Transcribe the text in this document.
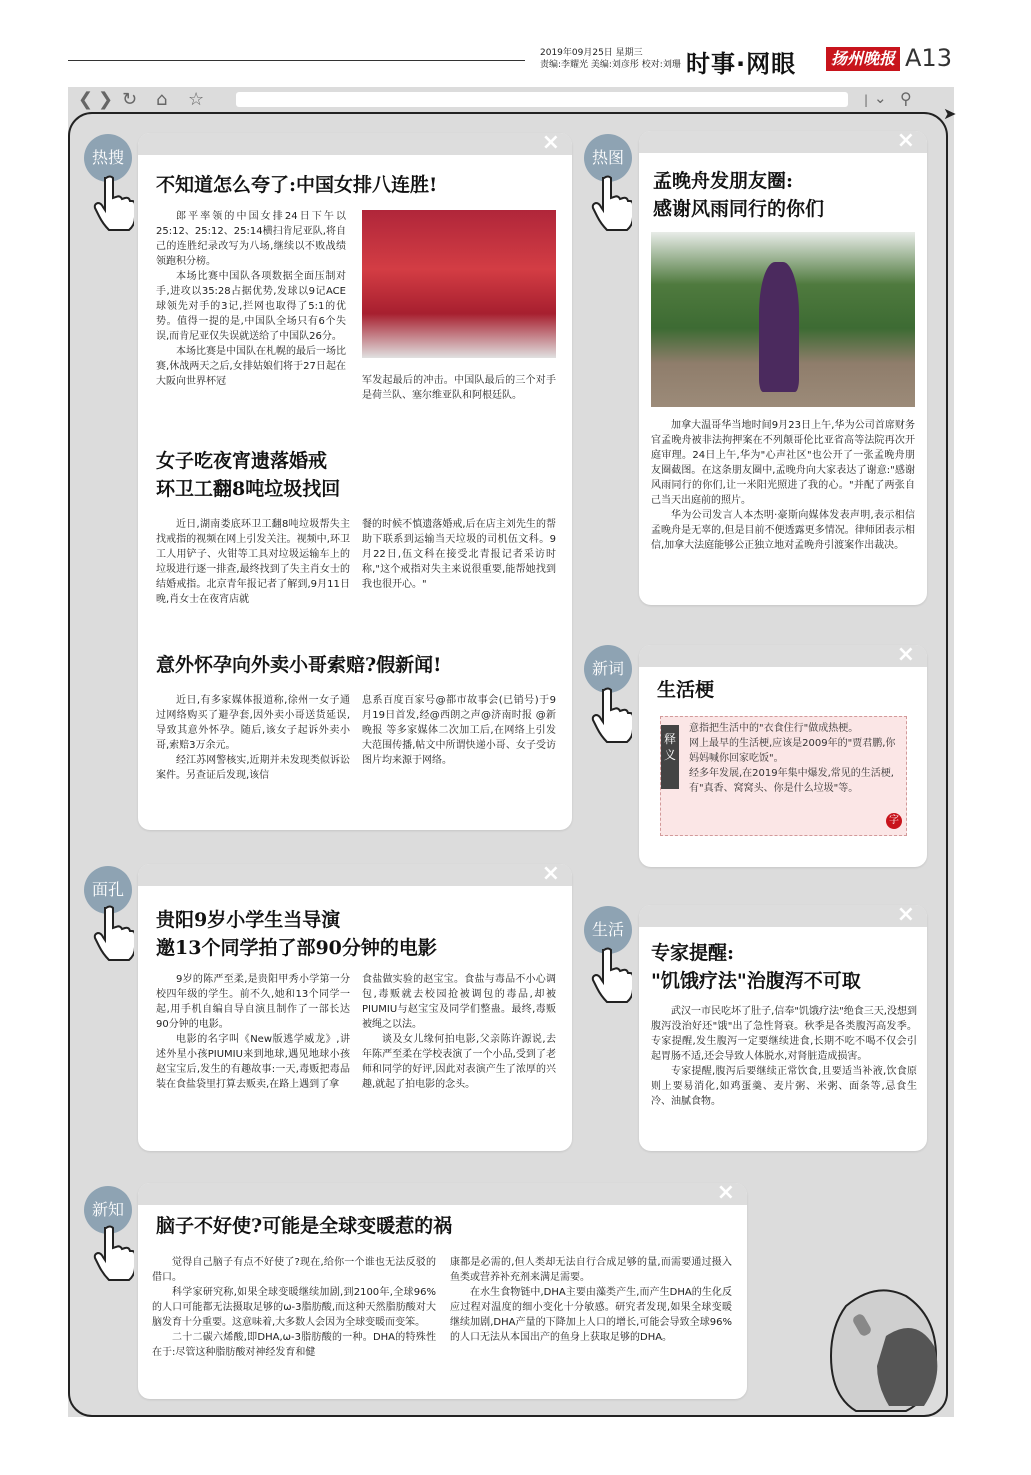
2019年09月25日 星期三
责编:李耀光 美编:刘彦彤 校对:刘珊 时事·网眼	扬州晚报 A13
❮ ❯ ↻ ⌂ ☆	| ⌄ ⚲
➤
×
不知道怎么夸了:中国女排八连胜!

郎平率领的中国女排24日下午以25:12、25:12、25:14横扫肯尼亚队,将自己的连胜纪录改写为八场,继续以不败战绩领跑积分榜。

本场比赛中国队各项数据全面压制对手,进攻以35:28占据优势,发球以9记ACE球领先对手的3记,拦网也取得了5:1的优势。值得一提的是,中国队全场只有6个失误,而肯尼亚仅失误就送给了中国队26分。

本场比赛是中国队在札幌的最后一场比赛,休战两天之后,女排姑娘们将于27日起在大阪向世界杯冠	军发起最后的冲击。中国队最后的三个对手是荷兰队、塞尔维亚队和阿根廷队。
女子吃夜宵遗落婚戒
环卫工翻8吨垃圾找回

近日,湖南娄底环卫工翻8吨垃圾帮失主找戒指的视频在网上引发关注。视频中,环卫工人用铲子、火钳等工具对垃圾运输车上的垃圾进行逐一排查,最终找到了失主肖女士的结婚戒指。北京青年报记者了解到,9月11日晚,肖女士在夜宵店就

餐的时候不慎遗落婚戒,后在店主刘先生的帮助下联系到运输当天垃圾的司机伍文科。9月22日,伍文科在接受北青报记者采访时称,"这个戒指对失主来说很重要,能帮她找到我也很开心。"
意外怀孕向外卖小哥索赔?假新闻!

近日,有多家媒体报道称,徐州一女子通过网络购买了避孕套,因外卖小哥送货延误,导致其意外怀孕。随后,该女子起诉外卖小哥,索赔3万余元。

经江苏网警核实,近期并未发现类似诉讼案件。另查证后发现,该信

息系百度百家号@都市故事会(已销号)于9月19日首发,经@西朗之声@济南时报 @新晚报 等多家媒体二次加工后,在网络上引发大范围传播,帖文中所谓快递小哥、女子受访图片均来源于网络。
×
孟晚舟发朋友圈:
感谢风雨同行的你们

加拿大温哥华当地时间9月23日上午,华为公司首席财务官孟晚舟被非法拘押案在不列颠哥伦比亚省高等法院再次开庭审理。24日上午,华为"心声社区"也公开了一张孟晚舟朋友圈截图。在这条朋友圈中,孟晚舟向大家表达了谢意:"感谢风雨同行的你们,让一米阳光照进了我的心。"并配了两张自己当天出庭前的照片。

华为公司发言人本杰明·豪斯向媒体发表声明,表示相信孟晚舟是无辜的,但是目前不便透露更多情况。律师团表示相信,加拿大法庭能够公正独立地对孟晚舟引渡案作出裁决。

×
生活梗
释义
意指把生活中的"衣食住行"做成热梗。
网上最早的生活梗,应该是2009年的"贾君鹏,你妈妈喊你回家吃饭"。
经多年发展,在2019年集中爆发,常见的生活梗,有"真香、窝窝头、你是什么垃圾"等。
字
×
贵阳9岁小学生当导演
邀13个同学拍了部90分钟的电影

9岁的陈严至柔,是贵阳甲秀小学第一分校四年级的学生。前不久,她和13个同学一起,用手机自编自导自演且制作了一部长达90分钟的电影。

电影的名字叫《New版逃学威龙》,讲述外星小孩PIUMIU来到地球,遇见地球小孩赵宝宝后,发生的有趣故事:一天,毒贩把毒品装在食盐袋里打算去贩卖,在路上遇到了拿

食盐做实验的赵宝宝。食盐与毒品不小心调包,毒贩就去校园抢被调包的毒品,却被PIUMIU与赵宝宝及同学们整蛊。最终,毒贩被绳之以法。

谈及女儿缘何拍电影,父亲陈许源说,去年陈严至柔在学校表演了一个小品,受到了老师和同学的好评,因此对表演产生了浓厚的兴趣,就起了拍电影的念头。

×
专家提醒:
"饥饿疗法"治腹泻不可取

武汉一市民吃坏了肚子,信奉"饥饿疗法"绝食三天,没想到腹泻没治好还"饿"出了急性肾衰。秋季是各类腹泻高发季。专家提醒,发生腹泻一定要继续进食,长期不吃不喝不仅会引起胃肠不适,还会导致人体脱水,对肾脏造成损害。

专家提醒,腹泻后要继续正常饮食,且要适当补液,饮食原则上要易消化,如鸡蛋羹、麦片粥、米粥、面条等,忌食生冷、油腻食物。

×
脑子不好使?可能是全球变暖惹的祸

觉得自己脑子有点不好使了?现在,给你一个谁也无法反驳的借口。

科学家研究称,如果全球变暖继续加剧,到2100年,全球96%的人口可能都无法摄取足够的ω-3脂肪酸,而这种天然脂肪酸对大脑发育十分重要。这意味着,大多数人会因为全球变暖而变笨。

二十二碳六烯酸,即DHA,ω-3脂肪酸的一种。DHA的特殊性在于:尽管这种脂肪酸对神经发育和健

康都是必需的,但人类却无法自行合成足够的量,而需要通过摄入鱼类或营养补充剂来满足需要。

在水生食物链中,DHA主要由藻类产生,而产生DHA的生化反应过程对温度的细小变化十分敏感。研究者发现,如果全球变暖继续加剧,DHA产量的下降加上人口的增长,可能会导致全球96%的人口无法从本国出产的鱼身上获取足够的DHA。

热搜	热图
新词
面孔
生活
新知
